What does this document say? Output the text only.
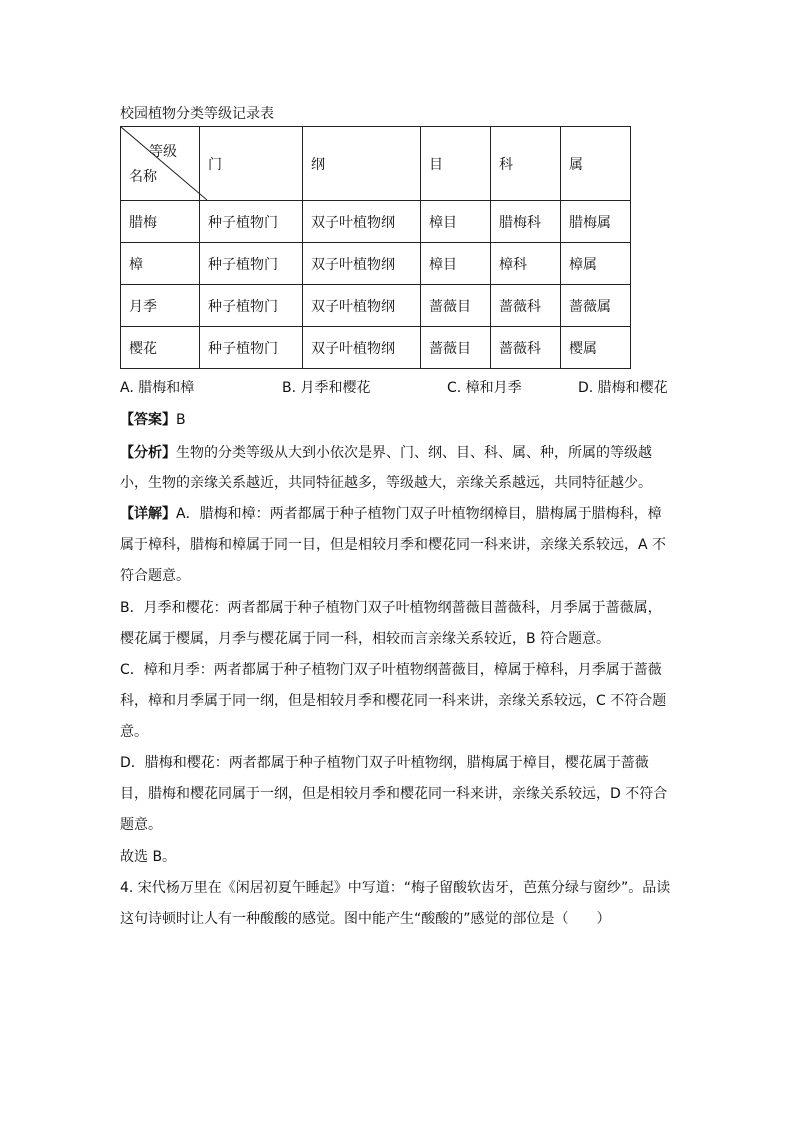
校园植物分类等级记录表
等级
名称	门	纲	目	科	属
腊梅	种子植物门	双子叶植物纲	樟目	腊梅科	腊梅属
樟	种子植物门	双子叶植物纲	樟目	樟科	樟属
月季	种子植物门	双子叶植物纲	蔷薇目	蔷薇科	蔷薇属
樱花	种子植物门	双子叶植物纲	蔷薇目	蔷薇科	樱属
A. 腊梅和樟	B. 月季和樱花	C. 樟和月季	D. 腊梅和樱花
【答案】B
【分析】生物的分类等级从大到小依次是界、门、纲、目、科、属、种，所属的等级越
小，生物的亲缘关系越近，共同特征越多，等级越大，亲缘关系越远，共同特征越少。
【详解】A．腊梅和樟：两者都属于种子植物门双子叶植物纲樟目，腊梅属于腊梅科，樟
属于樟科，腊梅和樟属于同一目，但是相较月季和樱花同一科来讲，亲缘关系较远，A 不
符合题意。
B．月季和樱花：两者都属于种子植物门双子叶植物纲蔷薇目蔷薇科，月季属于蔷薇属，
樱花属于樱属，月季与樱花属于同一科，相较而言亲缘关系较近，B 符合题意。
C．樟和月季：两者都属于种子植物门双子叶植物纲蔷薇目，樟属于樟科，月季属于蔷薇
科，樟和月季属于同一纲，但是相较月季和樱花同一科来讲，亲缘关系较远，C 不符合题
意。
D．腊梅和樱花：两者都属于种子植物门双子叶植物纲，腊梅属于樟目，樱花属于蔷薇
目，腊梅和樱花同属于一纲，但是相较月季和樱花同一科来讲，亲缘关系较远，D 不符合
题意。
故选 B。
4. 宋代杨万里在《闲居初夏午睡起》中写道：“梅子留酸软齿牙，芭蕉分绿与窗纱”。品读
这句诗顿时让人有一种酸酸的感觉。图中能产生“酸酸的”感觉的部位是（　　）
